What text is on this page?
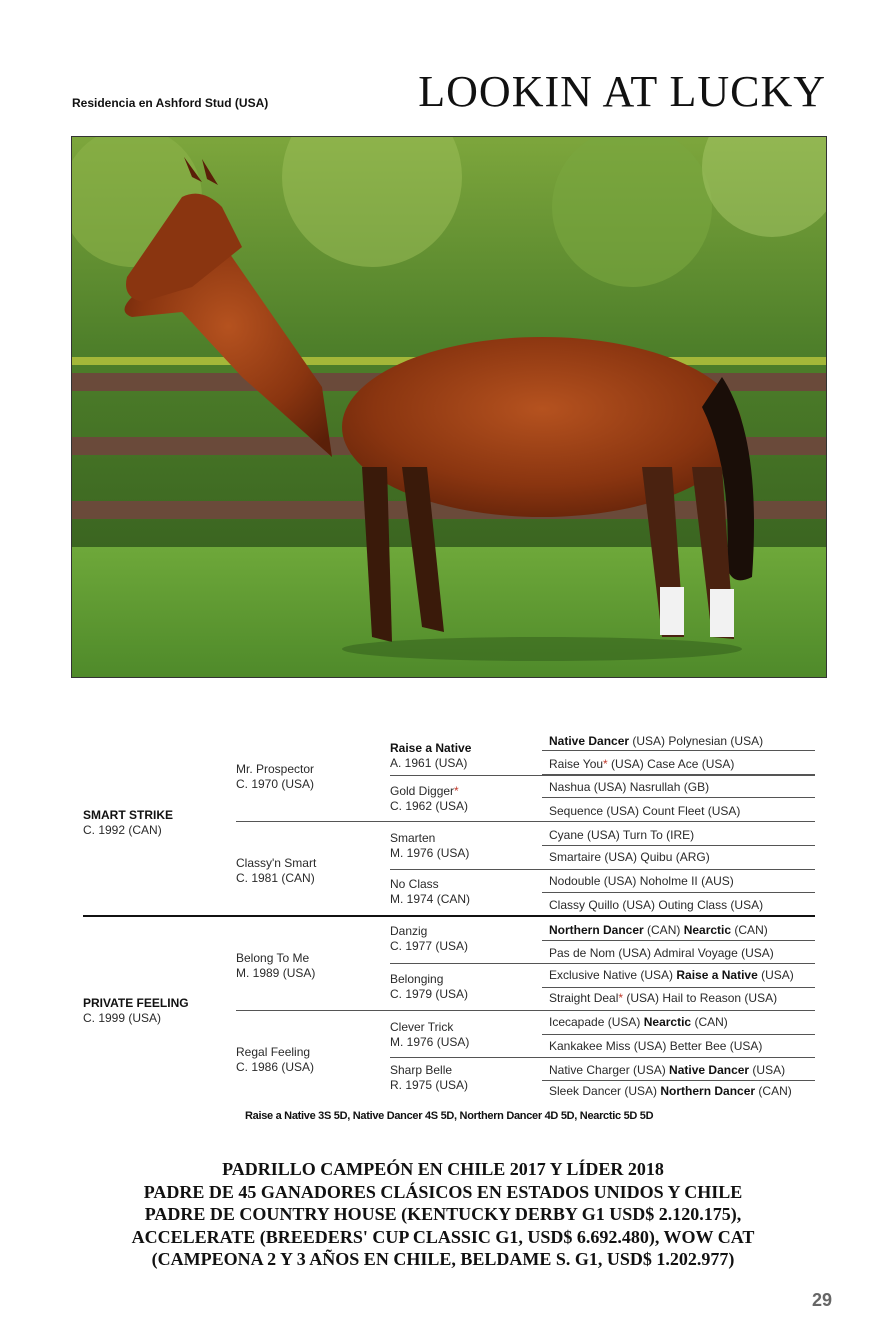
Residencia en Ashford Stud (USA)	LOOKIN AT LUCKY
SMART STRIKE
C. 1992 (CAN)
PRIVATE FEELING
C. 1999 (USA)
Mr. Prospector
C. 1970 (USA)
Classy'n Smart
C. 1981 (CAN)
Belong To Me
M. 1989 (USA)
Regal Feeling
C. 1986 (USA)
Raise a Native
A. 1961 (USA)
Gold Digger*
C. 1962 (USA)
Smarten
M. 1976 (USA)
No Class
M. 1974 (CAN)
Danzig
C. 1977 (USA)
Belonging
C. 1979 (USA)
Clever Trick
M. 1976 (USA)
Sharp Belle
R. 1975 (USA)
Native Dancer (USA) Polynesian (USA)
Raise You* (USA) Case Ace (USA)
Nashua (USA) Nasrullah (GB)
Sequence (USA) Count Fleet (USA)
Cyane (USA) Turn To (IRE)
Smartaire (USA) Quibu (ARG)
Nodouble (USA) Noholme II (AUS)
Classy Quillo (USA) Outing Class (USA)
Northern Dancer (CAN) Nearctic (CAN)
Pas de Nom (USA) Admiral Voyage (USA)
Exclusive Native (USA) Raise a Native (USA)
Straight Deal* (USA) Hail to Reason (USA)
Icecapade (USA) Nearctic (CAN)
Kankakee Miss (USA) Better Bee (USA)
Native Charger (USA) Native Dancer (USA)
Sleek Dancer (USA) Northern Dancer (CAN)
Raise a Native 3S 5D, Native Dancer 4S 5D, Northern Dancer 4D 5D, Nearctic 5D 5D
PADRILLO CAMPEÓN EN CHILE 2017 Y LÍDER 2018
PADRE DE 45 GANADORES CLÁSICOS EN ESTADOS UNIDOS Y CHILE
PADRE DE COUNTRY HOUSE (KENTUCKY DERBY G1 USD$ 2.120.175),
ACCELERATE (BREEDERS' CUP CLASSIC G1, USD$ 6.692.480), WOW CAT
(CAMPEONA 2 Y 3 AÑOS EN CHILE, BELDAME S. G1, USD$ 1.202.977)
29
